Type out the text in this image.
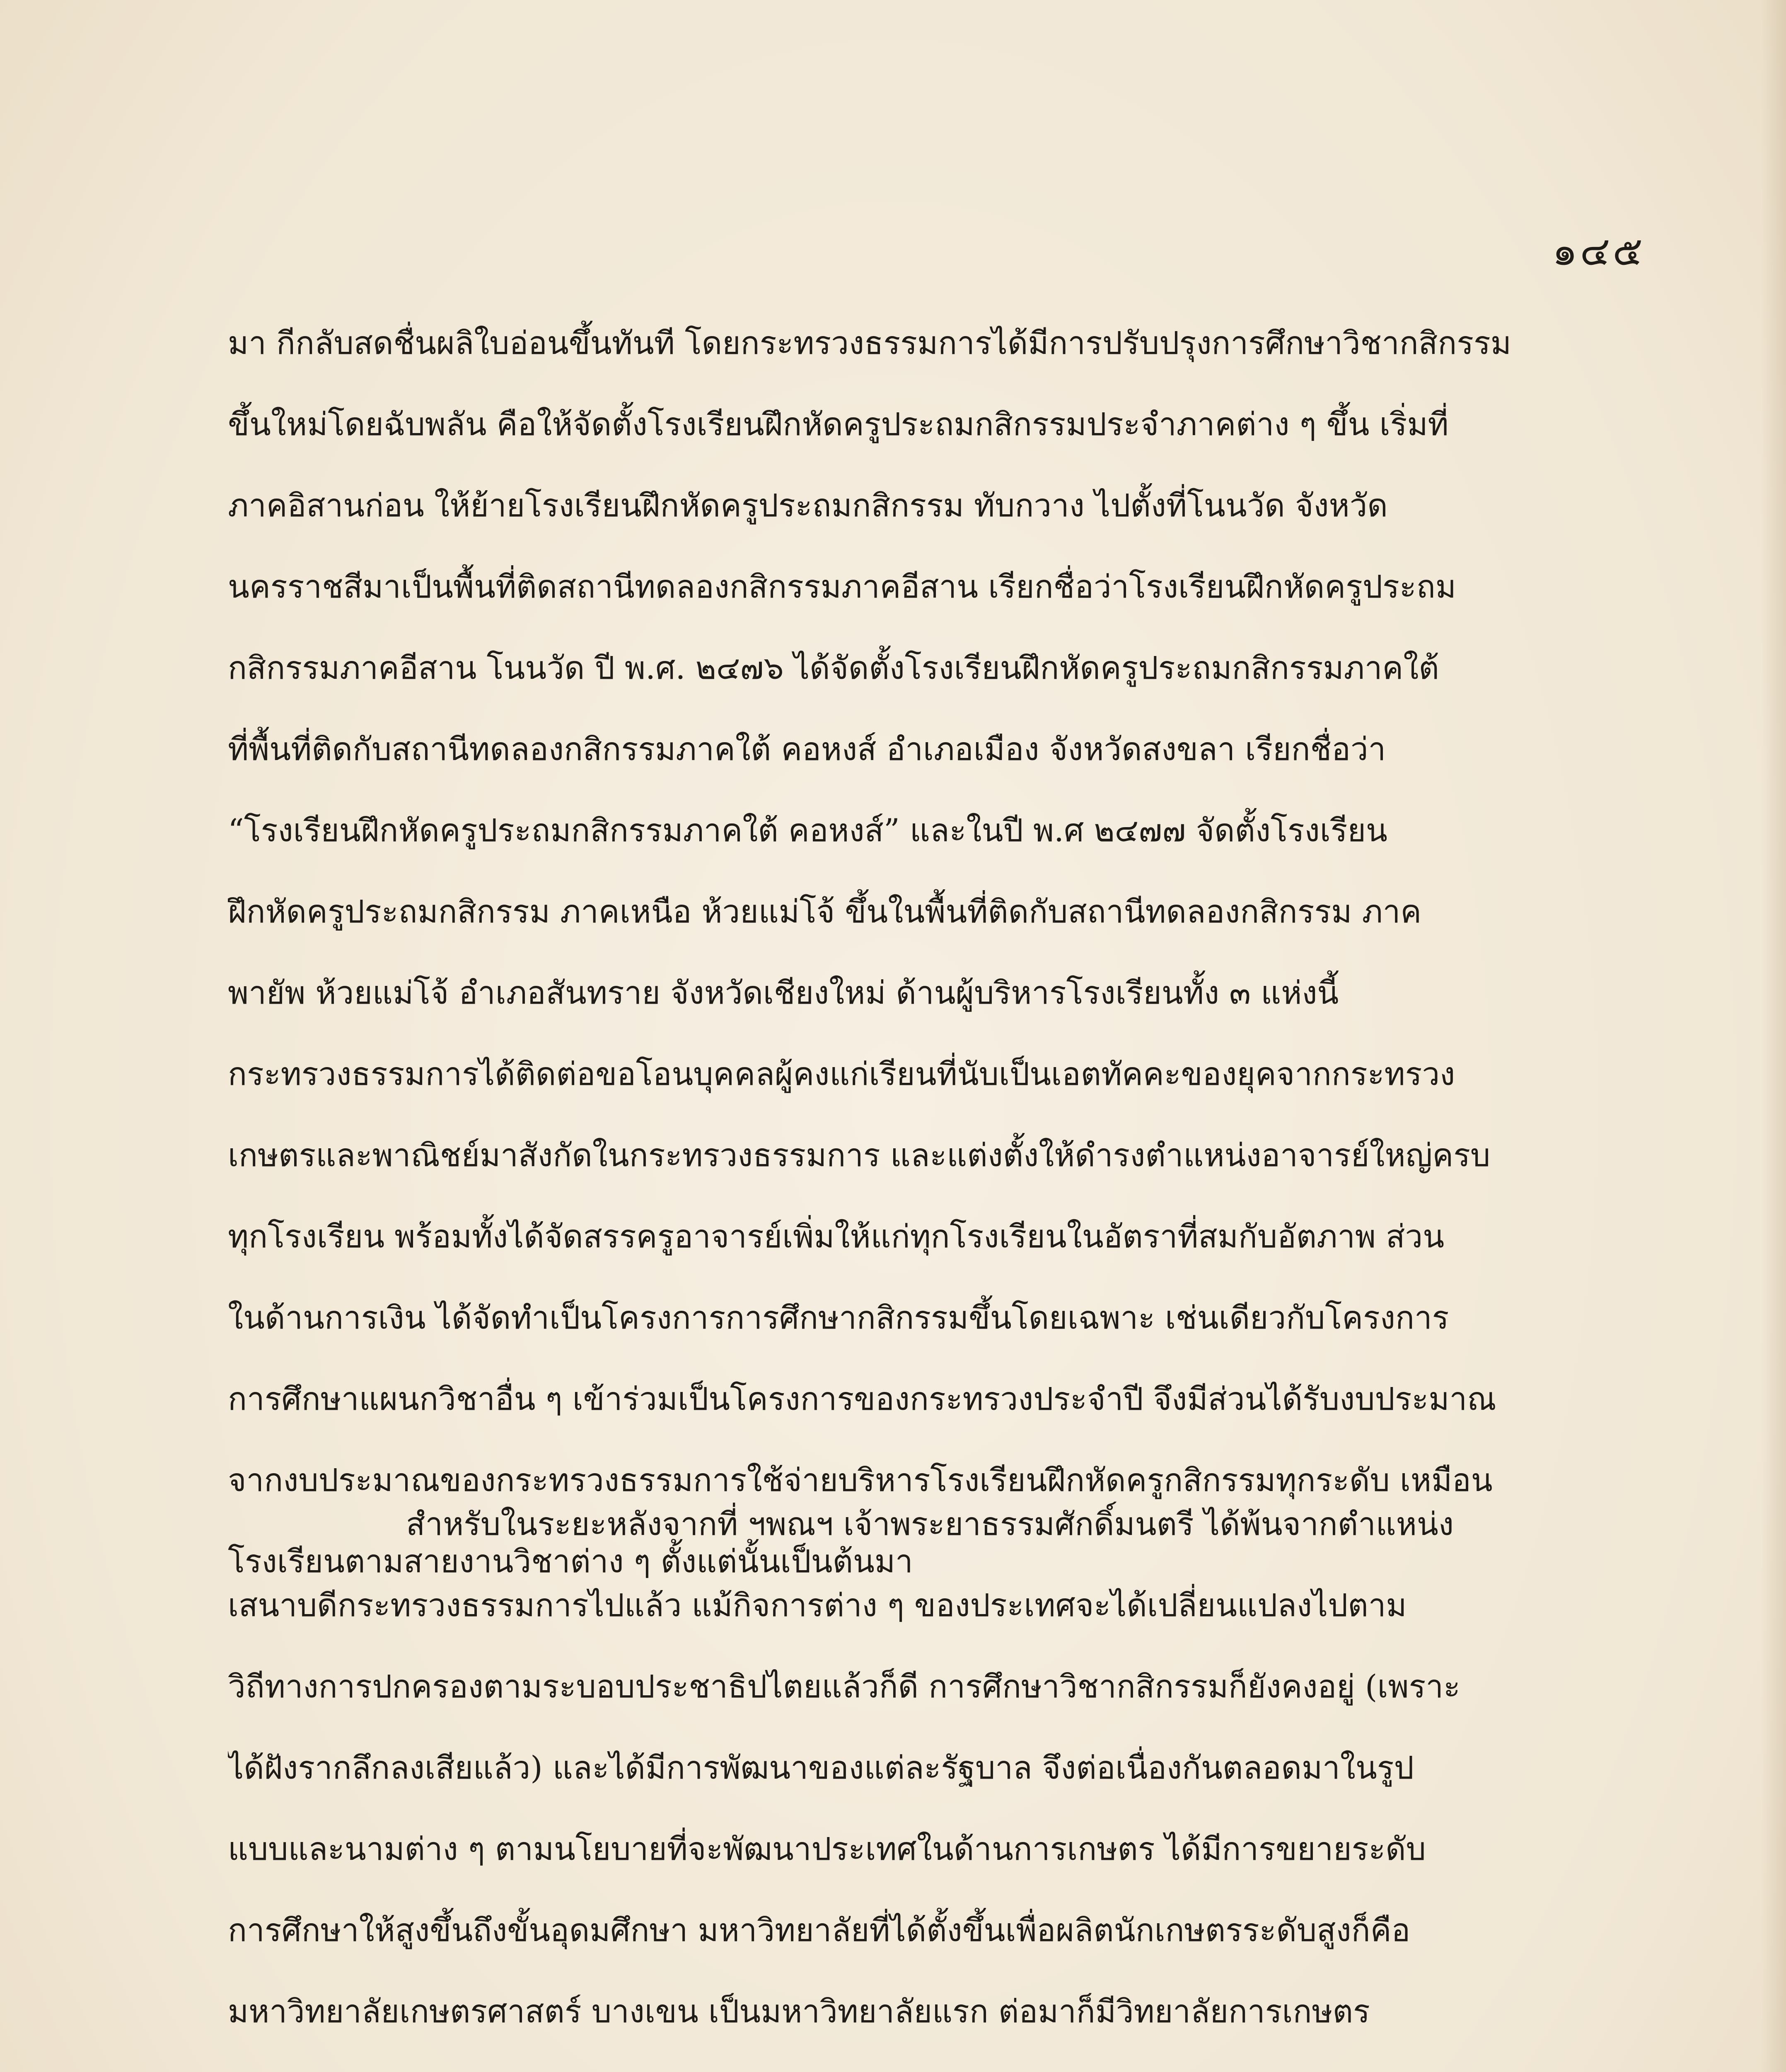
๑๔๕
มา กีกลับสดชื่นผลิใบอ่อนขึ้นทันที โดยกระทรวงธรรมการได้มีการปรับปรุงการศึกษาวิชากสิกรรม
ขึ้นใหม่โดยฉับพลัน คือให้จัดตั้งโรงเรียนฝึกหัดครูประถมกสิกรรมประจำภาคต่าง ๆ ขึ้น เริ่มที่
ภาคอิสานก่อน ให้ย้ายโรงเรียนฝึกหัดครูประถมกสิกรรม ทับกวาง ไปตั้งที่โนนวัด จังหวัด
นครราชสีมาเป็นพื้นที่ติดสถานีทดลองกสิกรรมภาคอีสาน เรียกชื่อว่าโรงเรียนฝึกหัดครูประถม
กสิกรรมภาคอีสาน โนนวัด ปี พ.ศ. ๒๔๗๖ ได้จัดตั้งโรงเรียนฝึกหัดครูประถมกสิกรรมภาคใต้
ที่พื้นที่ติดกับสถานีทดลองกสิกรรมภาคใต้ คอหงส์ อำเภอเมือง จังหวัดสงขลา เรียกชื่อว่า
“โรงเรียนฝึกหัดครูประถมกสิกรรมภาคใต้ คอหงส์” และในปี พ.ศ ๒๔๗๗ จัดตั้งโรงเรียน
ฝึกหัดครูประถมกสิกรรม ภาคเหนือ ห้วยแม่โจ้ ขึ้นในพื้นที่ติดกับสถานีทดลองกสิกรรม ภาค
พายัพ ห้วยแม่โจ้ อำเภอสันทราย จังหวัดเชียงใหม่ ด้านผู้บริหารโรงเรียนทั้ง ๓ แห่งนี้
กระทรวงธรรมการได้ติดต่อขอโอนบุคคลผู้คงแก่เรียนที่นับเป็นเอตทัคคะของยุคจากกระทรวง
เกษตรและพาณิชย์มาสังกัดในกระทรวงธรรมการ และแต่งตั้งให้ดำรงตำแหน่งอาจารย์ใหญ่ครบ
ทุกโรงเรียน พร้อมทั้งได้จัดสรรครูอาจารย์เพิ่มให้แก่ทุกโรงเรียนในอัตราที่สมกับอัตภาพ ส่วน
ในด้านการเงิน ได้จัดทำเป็นโครงการการศึกษากสิกรรมขึ้นโดยเฉพาะ เช่นเดียวกับโครงการ
การศึกษาแผนกวิชาอื่น ๆ เข้าร่วมเป็นโครงการของกระทรวงประจำปี จึงมีส่วนได้รับงบประมาณ
จากงบประมาณของกระทรวงธรรมการใช้จ่ายบริหารโรงเรียนฝึกหัดครูกสิกรรมทุกระดับ เหมือน
โรงเรียนตามสายงานวิชาต่าง ๆ ตั้งแต่นั้นเป็นต้นมา
สำหรับในระยะหลังจากที่ ฯพณฯ เจ้าพระยาธรรมศักดิ์มนตรี ได้พ้นจากตำแหน่ง
เสนาบดีกระทรวงธรรมการไปแล้ว แม้กิจการต่าง ๆ ของประเทศจะได้เปลี่ยนแปลงไปตาม
วิถีทางการปกครองตามระบอบประชาธิปไตยแล้วก็ดี การศึกษาวิชากสิกรรมก็ยังคงอยู่ (เพราะ
ได้ฝังรากลึกลงเสียแล้ว) และได้มีการพัฒนาของแต่ละรัฐบาล จึงต่อเนื่องกันตลอดมาในรูป
แบบและนามต่าง ๆ ตามนโยบายที่จะพัฒนาประเทศในด้านการเกษตร ได้มีการขยายระดับ
การศึกษาให้สูงขึ้นถึงขั้นอุดมศึกษา มหาวิทยาลัยที่ได้ตั้งขึ้นเพื่อผลิตนักเกษตรระดับสูงก็คือ
มหาวิทยาลัยเกษตรศาสตร์ บางเขน เป็นมหาวิทยาลัยแรก ต่อมาก็มีวิทยาลัยการเกษตร
